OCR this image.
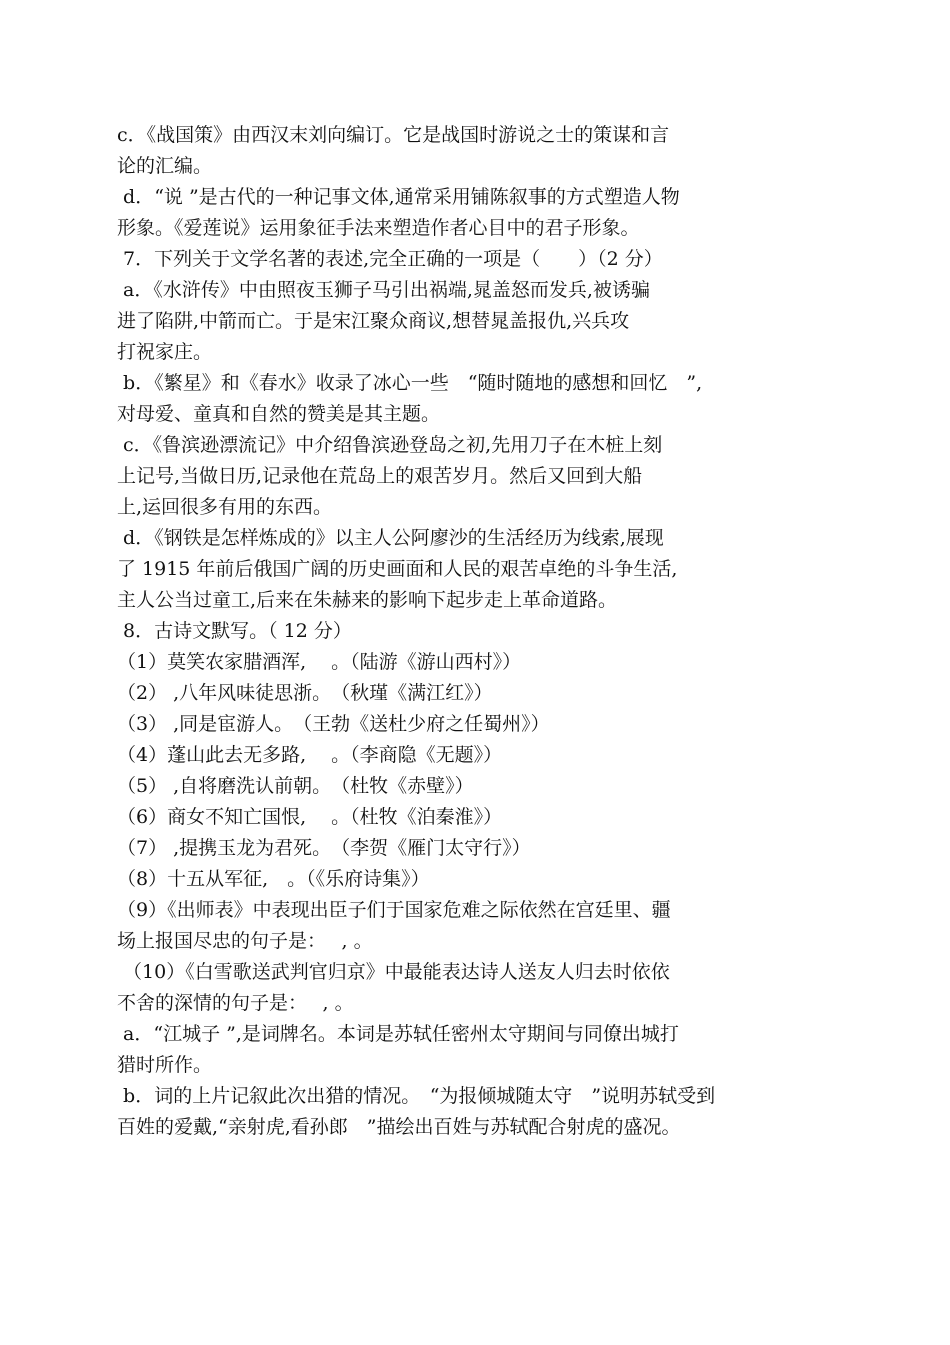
c．《战国策》由西汉末刘向编订。它是战国时游说之士的策谋和言
论的汇编。
d．“说 ”是古代的一种记事文体,通常采用铺陈叙事的方式塑造人物
形象。《爱莲说》运用象征手法来塑造作者心目中的君子形象。
7．下列关于文学名著的表述,完全正确的一项是（　　）（2 分）
a．《水浒传》中由照夜玉狮子马引出祸端,晁盖怒而发兵,被诱骗
进了陷阱,中箭而亡。于是宋江聚众商议,想替晁盖报仇,兴兵攻
打祝家庄。
b．《繁星》和《春水》收录了冰心一些　“随时随地的感想和回忆　”,
对母爱、童真和自然的赞美是其主题。
c．《鲁滨逊漂流记》中介绍鲁滨逊登岛之初,先用刀子在木桩上刻
上记号,当做日历,记录他在荒岛上的艰苦岁月。然后又回到大船
上,运回很多有用的东西。
d．《钢铁是怎样炼成的》以主人公阿廖沙的生活经历为线索,展现
了 1915 年前后俄国广阔的历史画面和人民的艰苦卓绝的斗争生活,
主人公当过童工,后来在朱赫来的影响下起步走上革命道路。
8．古诗文默写。（ 12 分）
（1）莫笑农家腊酒浑,　 。（陆游《游山西村》）
（2） ,八年风味徒思浙。　（秋瑾《满江红》）
（3） ,同是宦游人。　（王勃《送杜少府之任蜀州》）
（4）蓬山此去无多路,　 。（李商隐《无题》）
（5） ,自将磨洗认前朝。　（杜牧《赤壁》）
（6）商女不知亡国恨,　 。（杜牧《泊秦淮》）
（7） ,提携玉龙为君死。　（李贺《雁门太守行》）
（8）十五从军征,　。（《乐府诗集》）
（9）《出师表》中表现出臣子们于国家危难之际依然在宫廷里、疆
场上报国尽忠的句子是：　 , 。
（10）《白雪歌送武判官归京》中最能表达诗人送友人归去时依依
不舍的深情的句子是：　 , 。
a．“江城子 ”,是词牌名。本词是苏轼任密州太守期间与同僚出城打
猎时所作。
b．词的上片记叙此次出猎的情况。　“为报倾城随太守　”说明苏轼受到
百姓的爱戴,“亲射虎,看孙郎　”描绘出百姓与苏轼配合射虎的盛况。
